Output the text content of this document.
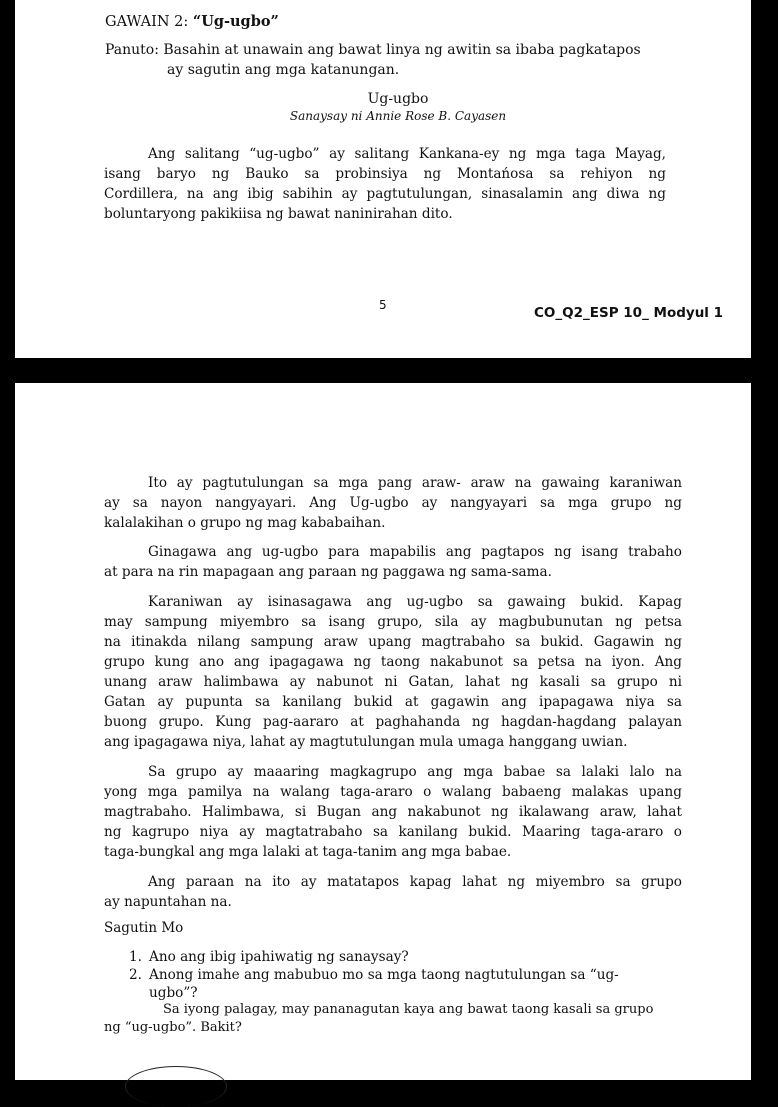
GAWAIN 2: “Ug-ugbo”
Panuto: Basahin at unawain ang bawat linya ng awitin sa ibaba pagkatapos
ay sagutin ang mga katanungan.
Ug-ugbo
Sanaysay ni Annie Rose B. Cayasen
Ang salitang “ug-ugbo” ay salitang Kankana-ey ng mga taga Mayag,
isang baryo ng Bauko sa probinsiya ng Montańosa sa rehiyon ng
Cordillera, na ang ibig sabihin ay pagtutulungan, sinasalamin ang diwa ng
boluntaryong pakikiisa ng bawat naninirahan dito.
5	CO_Q2_ESP 10_ Modyul 1
Ito ay pagtutulungan sa mga pang araw- araw na gawaing karaniwan
ay sa nayon nangyayari. Ang Ug-ugbo ay nangyayari sa mga grupo ng
kalalakihan o grupo ng mag kababaihan.
Ginagawa ang ug-ugbo para mapabilis ang pagtapos ng isang trabaho
at para na rin mapagaan ang paraan ng paggawa ng sama-sama.
Karaniwan ay isinasagawa ang ug-ugbo sa gawaing bukid. Kapag
may sampung miyembro sa isang grupo, sila ay magbubunutan ng petsa
na itinakda nilang sampung araw upang magtrabaho sa bukid. Gagawin ng
grupo kung ano ang ipagagawa ng taong nakabunot sa petsa na iyon. Ang
unang araw halimbawa ay nabunot ni Gatan, lahat ng kasali sa grupo ni
Gatan ay pupunta sa kanilang bukid at gagawin ang ipapagawa niya sa
buong grupo. Kung pag-aararo at paghahanda ng hagdan-hagdang palayan
ang ipagagawa niya, lahat ay magtutulungan mula umaga hanggang uwian.
Sa grupo ay maaaring magkagrupo ang mga babae sa lalaki lalo na
yong mga pamilya na walang taga-araro o walang babaeng malakas upang
magtrabaho. Halimbawa, si Bugan ang nakabunot ng ikalawang araw, lahat
ng kagrupo niya ay magtatrabaho sa kanilang bukid. Maaring taga-araro o
taga-bungkal ang mga lalaki at taga-tanim ang mga babae.
Ang paraan na ito ay matatapos kapag lahat ng miyembro sa grupo
ay napuntahan na.
Sagutin Mo
1. Ano ang ibig ipahiwatig ng sanaysay?
2. Anong imahe ang mabubuo mo sa mga taong nagtutulungan sa “ug-ugbo”?
Sa iyong palagay, may pananagutan kaya ang bawat taong kasali sa grupo
ng “ug-ugbo”. Bakit?
